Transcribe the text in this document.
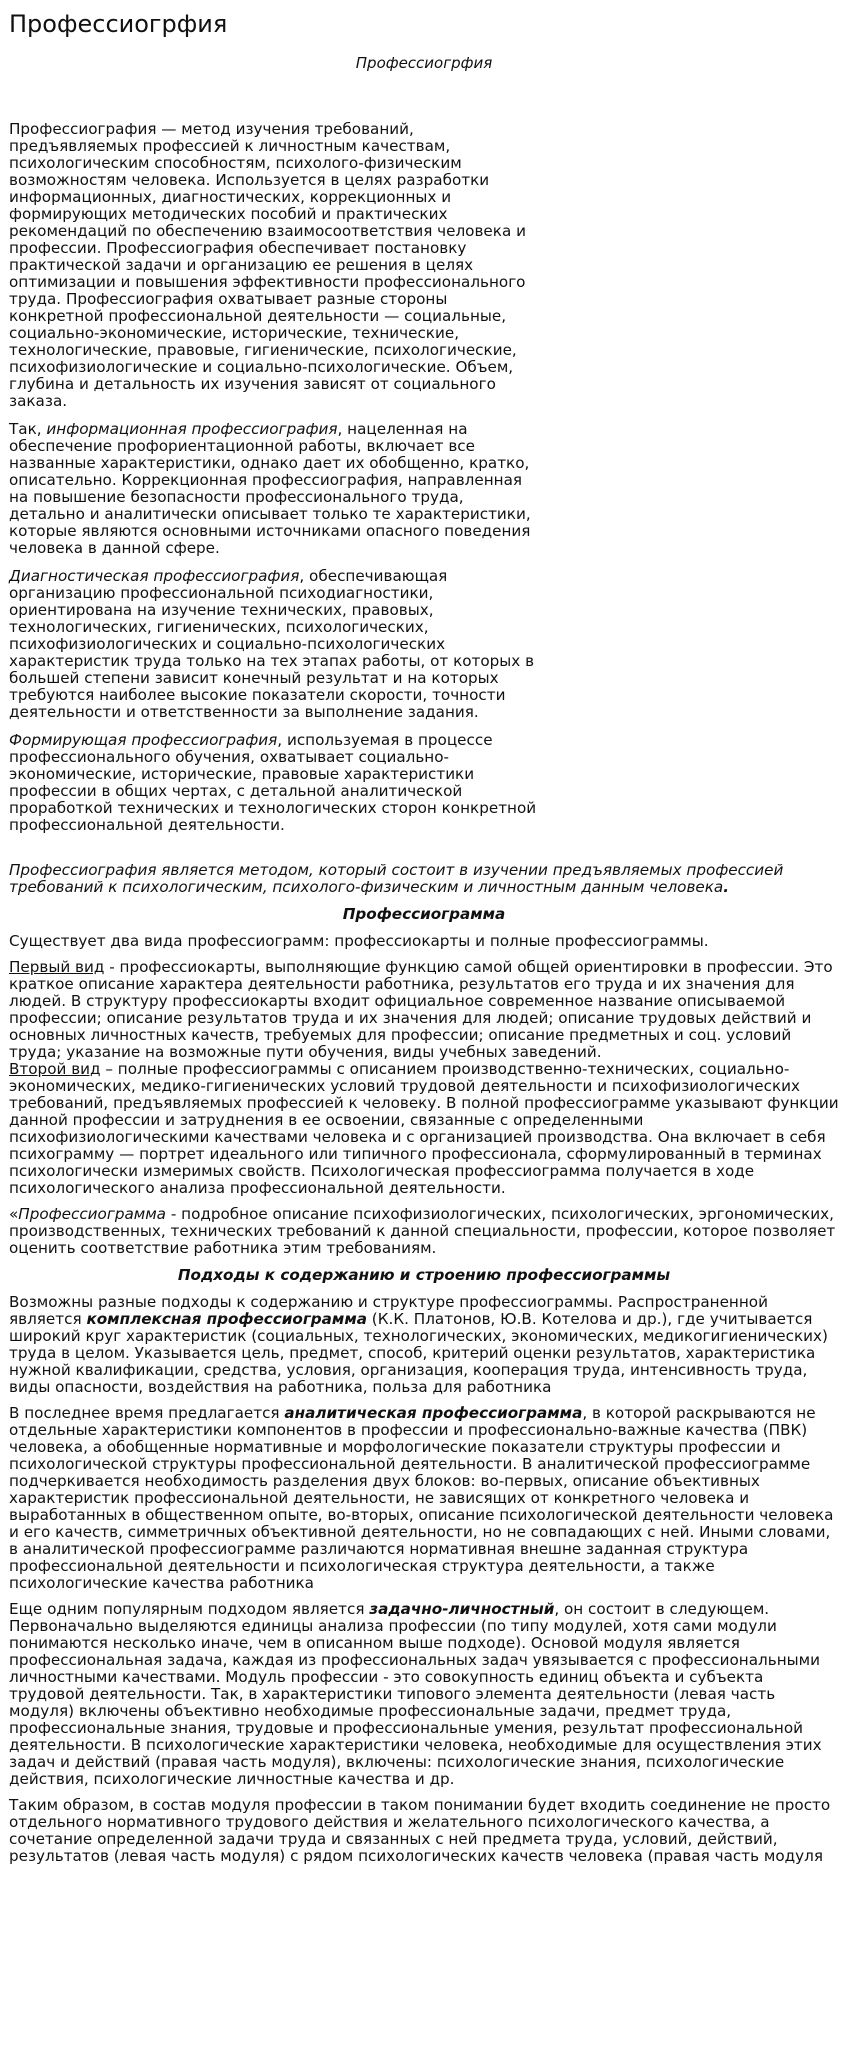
Профессиогрфия
Профессиогрфия

Профессиография — метод изучения требований, предъявляемых профессией к личностным качествам, психологическим способностям, психолого-физическим возможностям человека. Используется в целях разработки информационных, диагностических, коррекционных и формирующих методических пособий и практических рекомендаций по обеспечению взаимосоответствия человека и профессии. Профессиография обеспечивает постановку практической задачи и организацию ее решения в целях оптимизации и повышения эффективности профессионального труда. Профессиография охватывает разные стороны конкретной профессиональной деятельности — социальные, социально-экономические, исторические, технические, технологические, правовые, гигиенические, психологические, психофизиологические и социально-психологические. Объем, глубина и детальность их изучения зависят от социального заказа.

Так, информационная профессиография, нацеленная на обеспечение профориентационной работы, включает все названные характеристики, однако дает их обобщенно, кратко, описательно. Коррекционная профессиография, направленная на повышение безопасности профессионального труда, детально и аналитически описывает только те характеристики, которые являются основными источниками опасного поведения человека в данной сфере.

Диагностическая профессиография, обеспечивающая организацию профессиональной психодиагностики, ориентирована на изучение технических, правовых, технологических, гигиенических, психологических, психофизиологических и социально-психологических характеристик труда только на тех этапах работы, от которых в большей степени зависит конечный результат и на которых требуются наиболее высокие показатели скорости, точности деятельности и ответственности за выполнение задания.

Формирующая профессиография, используемая в процессе профессионального обучения, охватывает социально-экономические, исторические, правовые характеристики профессии в общих чертах, с детальной аналитической проработкой технических и технологических сторон конкретной профессиональной деятельности.

Профессиография является методом, который состоит в изучении предъявляемых профессией требований к психологическим, психолого-физическим и личностным данным человека.

Профессиограмма

Существует два вида профессиограмм: профессиокарты и полные профессиограммы.

Первый вид - профессиокарты, выполняющие функцию самой общей ориентировки в профессии. Это краткое описание характера деятельности работника, результатов его труда и их значения для людей. В структуру профессиокарты входит официальное современное название описываемой профессии; описание результатов труда и их значения для людей; описание трудовых действий и основных личностных качеств, требуемых для профессии; описание предметных и соц. условий труда; указание на возможные пути обучения, виды учебных заведений.

Второй вид – полные профессиограммы с описанием производственно-технических, социально-экономических, медико-гигиенических условий трудовой деятельности и психофизиологических требований, предъявляемых профессией к человеку. В полной профессиограмме указывают функции данной профессии и затруднения в ее освоении, связанные с определенными психофизиологическими качествами человека и с организацией производства. Она включает в себя психограмму — портрет идеального или типичного профессионала, сформулированный в терминах психологически измеримых свойств. Психологическая профессиограмма получается в ходе психологического анализа профессиональной деятельности.

«Профессиограмма - подробное описание психофизиологических, психологических, эргономических, производственных, технических требований к данной специальности, профессии, которое позволяет оценить соответствие работника этим требованиям.

Подходы к содержанию и строению профессиограммы

Возможны разные подходы к содержанию и структуре профессиограммы. Распространенной является комплексная профессиограмма (К.К. Платонов, Ю.В. Котелова и др.), где учитывается широкий круг характеристик (социальных, технологических, экономических, медикогигиенических) труда в целом. Указывается цель, предмет, способ, критерий оценки результатов, характеристика нужной квалификации, средства, условия, организация, кооперация труда, интенсивность труда, виды опасности, воздействия на работника, польза для работника

В последнее время предлагается аналитическая профессиограмма, в которой раскрываются не отдельные характеристики компонентов в профессии и профессионально-важные качества (ПВК) человека, а обобщенные нормативные и морфологические показатели структуры профессии и психологической структуры профессиональной деятельности. В аналитической профессиограмме подчеркивается необходимость разделения двух блоков: во-первых, описание объективных характеристик профессиональной деятельности, не зависящих от конкретного человека и выработанных в общественном опыте, во-вторых, описание психологической деятельности человека и его качеств, симметричных объективной деятельности, но не совпадающих с ней. Иными словами, в аналитической профессиограмме различаются нормативная внешне заданная структура профессиональной деятельности и психологическая структура деятельности, а также психологические качества работника

Еще одним популярным подходом является задачно-личностный, он состоит в следующем. Первоначально выделяются единицы анализа профессии (по типу модулей, хотя сами модули понимаются несколько иначе, чем в описанном выше подходе). Основой модуля является профессиональная задача, каждая из профессиональных задач увязывается с профессиональными личностными качествами. Модуль профессии - это совокупность единиц объекта и субъекта трудовой деятельности. Так, в характеристики типового элемента деятельности (левая часть модуля) включены объективно необходимые профессиональные задачи, предмет труда, профессиональные знания, трудовые и профессиональные умения, результат профессиональной деятельности. В психологические характеристики человека, необходимые для осуществления этих задач и действий (правая часть модуля), включены: психологические знания, психологические действия, психологические личностные качества и др.

Таким образом, в состав модуля профессии в таком понимании будет входить соединение не просто отдельного нормативного трудового действия и желательного психологического качества, а сочетание определенной задачи труда и связанных с ней предмета труда, условий, действий, результатов (левая часть модуля) с рядом психологических качеств человека (правая часть модуля
